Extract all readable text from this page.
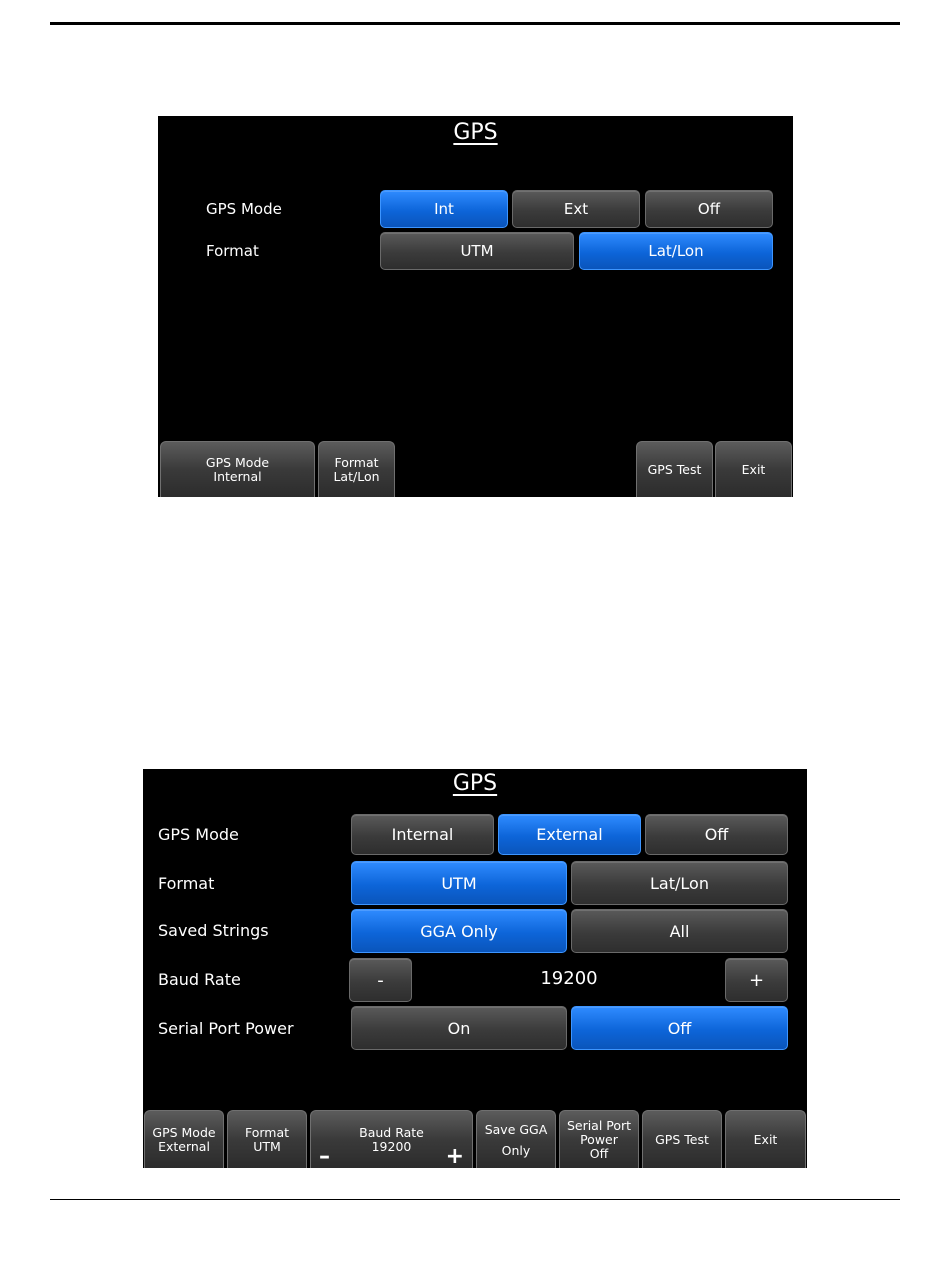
GPS
GPS Mode	Int	Ext	Off
Format	UTM	Lat/Lon
GPS Mode
Internal
Format
Lat/Lon	GPS Test	Exit
GPS
GPS Mode	Internal	External	Off
Format	UTM	Lat/Lon
Saved Strings	GGA Only	All
Baud Rate	-	19200	+
Serial Port Power	On	Off
GPS Mode
External
Format
UTM
Baud Rate
19200
–	+
Save GGA
Only
Serial Port
Power
Off
GPS Test	Exit
